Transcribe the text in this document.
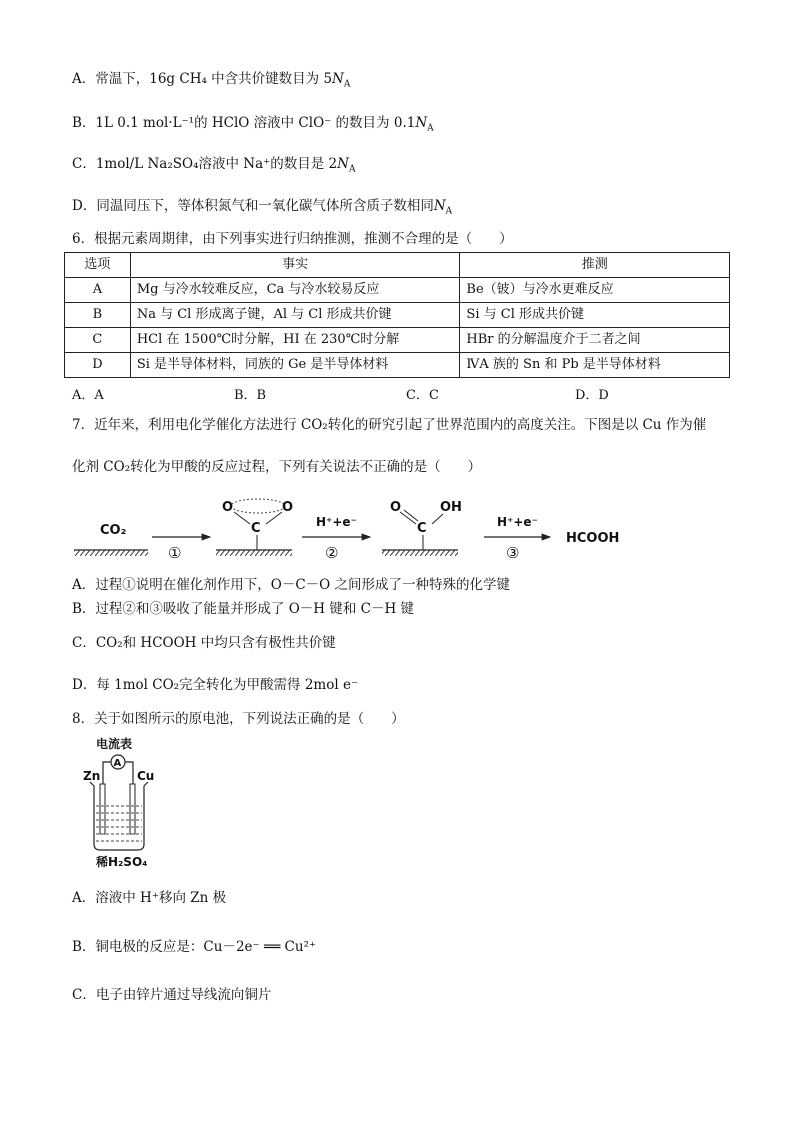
A．常温下，16g CH₄ 中含共价键数目为 $5N_A$
B．1L 0.1 mol·L⁻¹的 HClO 溶液中 ClO⁻ 的数目为 $0.1N_A$
C．1mol/L Na₂SO₄溶液中 Na⁺的数目是 $2N_A$
D．同温同压下，等体积氮气和一氧化碳气体所含质子数相同$N_A$
6．根据元素周期律，由下列事实进行归纳推测，推测不合理的是（　　）
选项	事实	推测
A	Mg 与冷水较难反应，Ca 与冷水较易反应	Be（铍）与冷水更难反应
B	Na 与 Cl 形成离子键，Al 与 Cl 形成共价键	Si 与 Cl 形成共价键
C	HCl 在 1500℃时分解，HI 在 230℃时分解	HBr 的分解温度介于二者之间
D	Si 是半导体材料，同族的 Ge 是半导体材料	ⅣA 族的 Sn 和 Pb 是半导体材料
A．A	B．B	C．C	D．D
7．近年来，利用电化学催化方法进行 CO₂转化的研究引起了世界范围内的高度关注。下图是以 Cu 作为催
化剂 CO₂转化为甲酸的反应过程，下列有关说法不正确的是（　　）
CO₂
①
O	O
C	H⁺+e⁻
②
O	OH
C	H⁺+e⁻
③
HCOOH
A．过程①说明在催化剂作用下，O－C－O 之间形成了一种特殊的化学键
B．过程②和③吸收了能量并形成了 O－H 键和 C－H 键
C．CO₂和 HCOOH 中均只含有极性共价键
D．每 1mol CO₂完全转化为甲酸需得 2mol e⁻
8．关于如图所示的原电池，下列说法正确的是（　　）
电流表
A
Zn	Cu
稀H₂SO₄
A．溶液中 H⁺移向 Zn 极
B．铜电极的反应是：Cu－2e⁻ ══ Cu²⁺
C．电子由锌片通过导线流向铜片
